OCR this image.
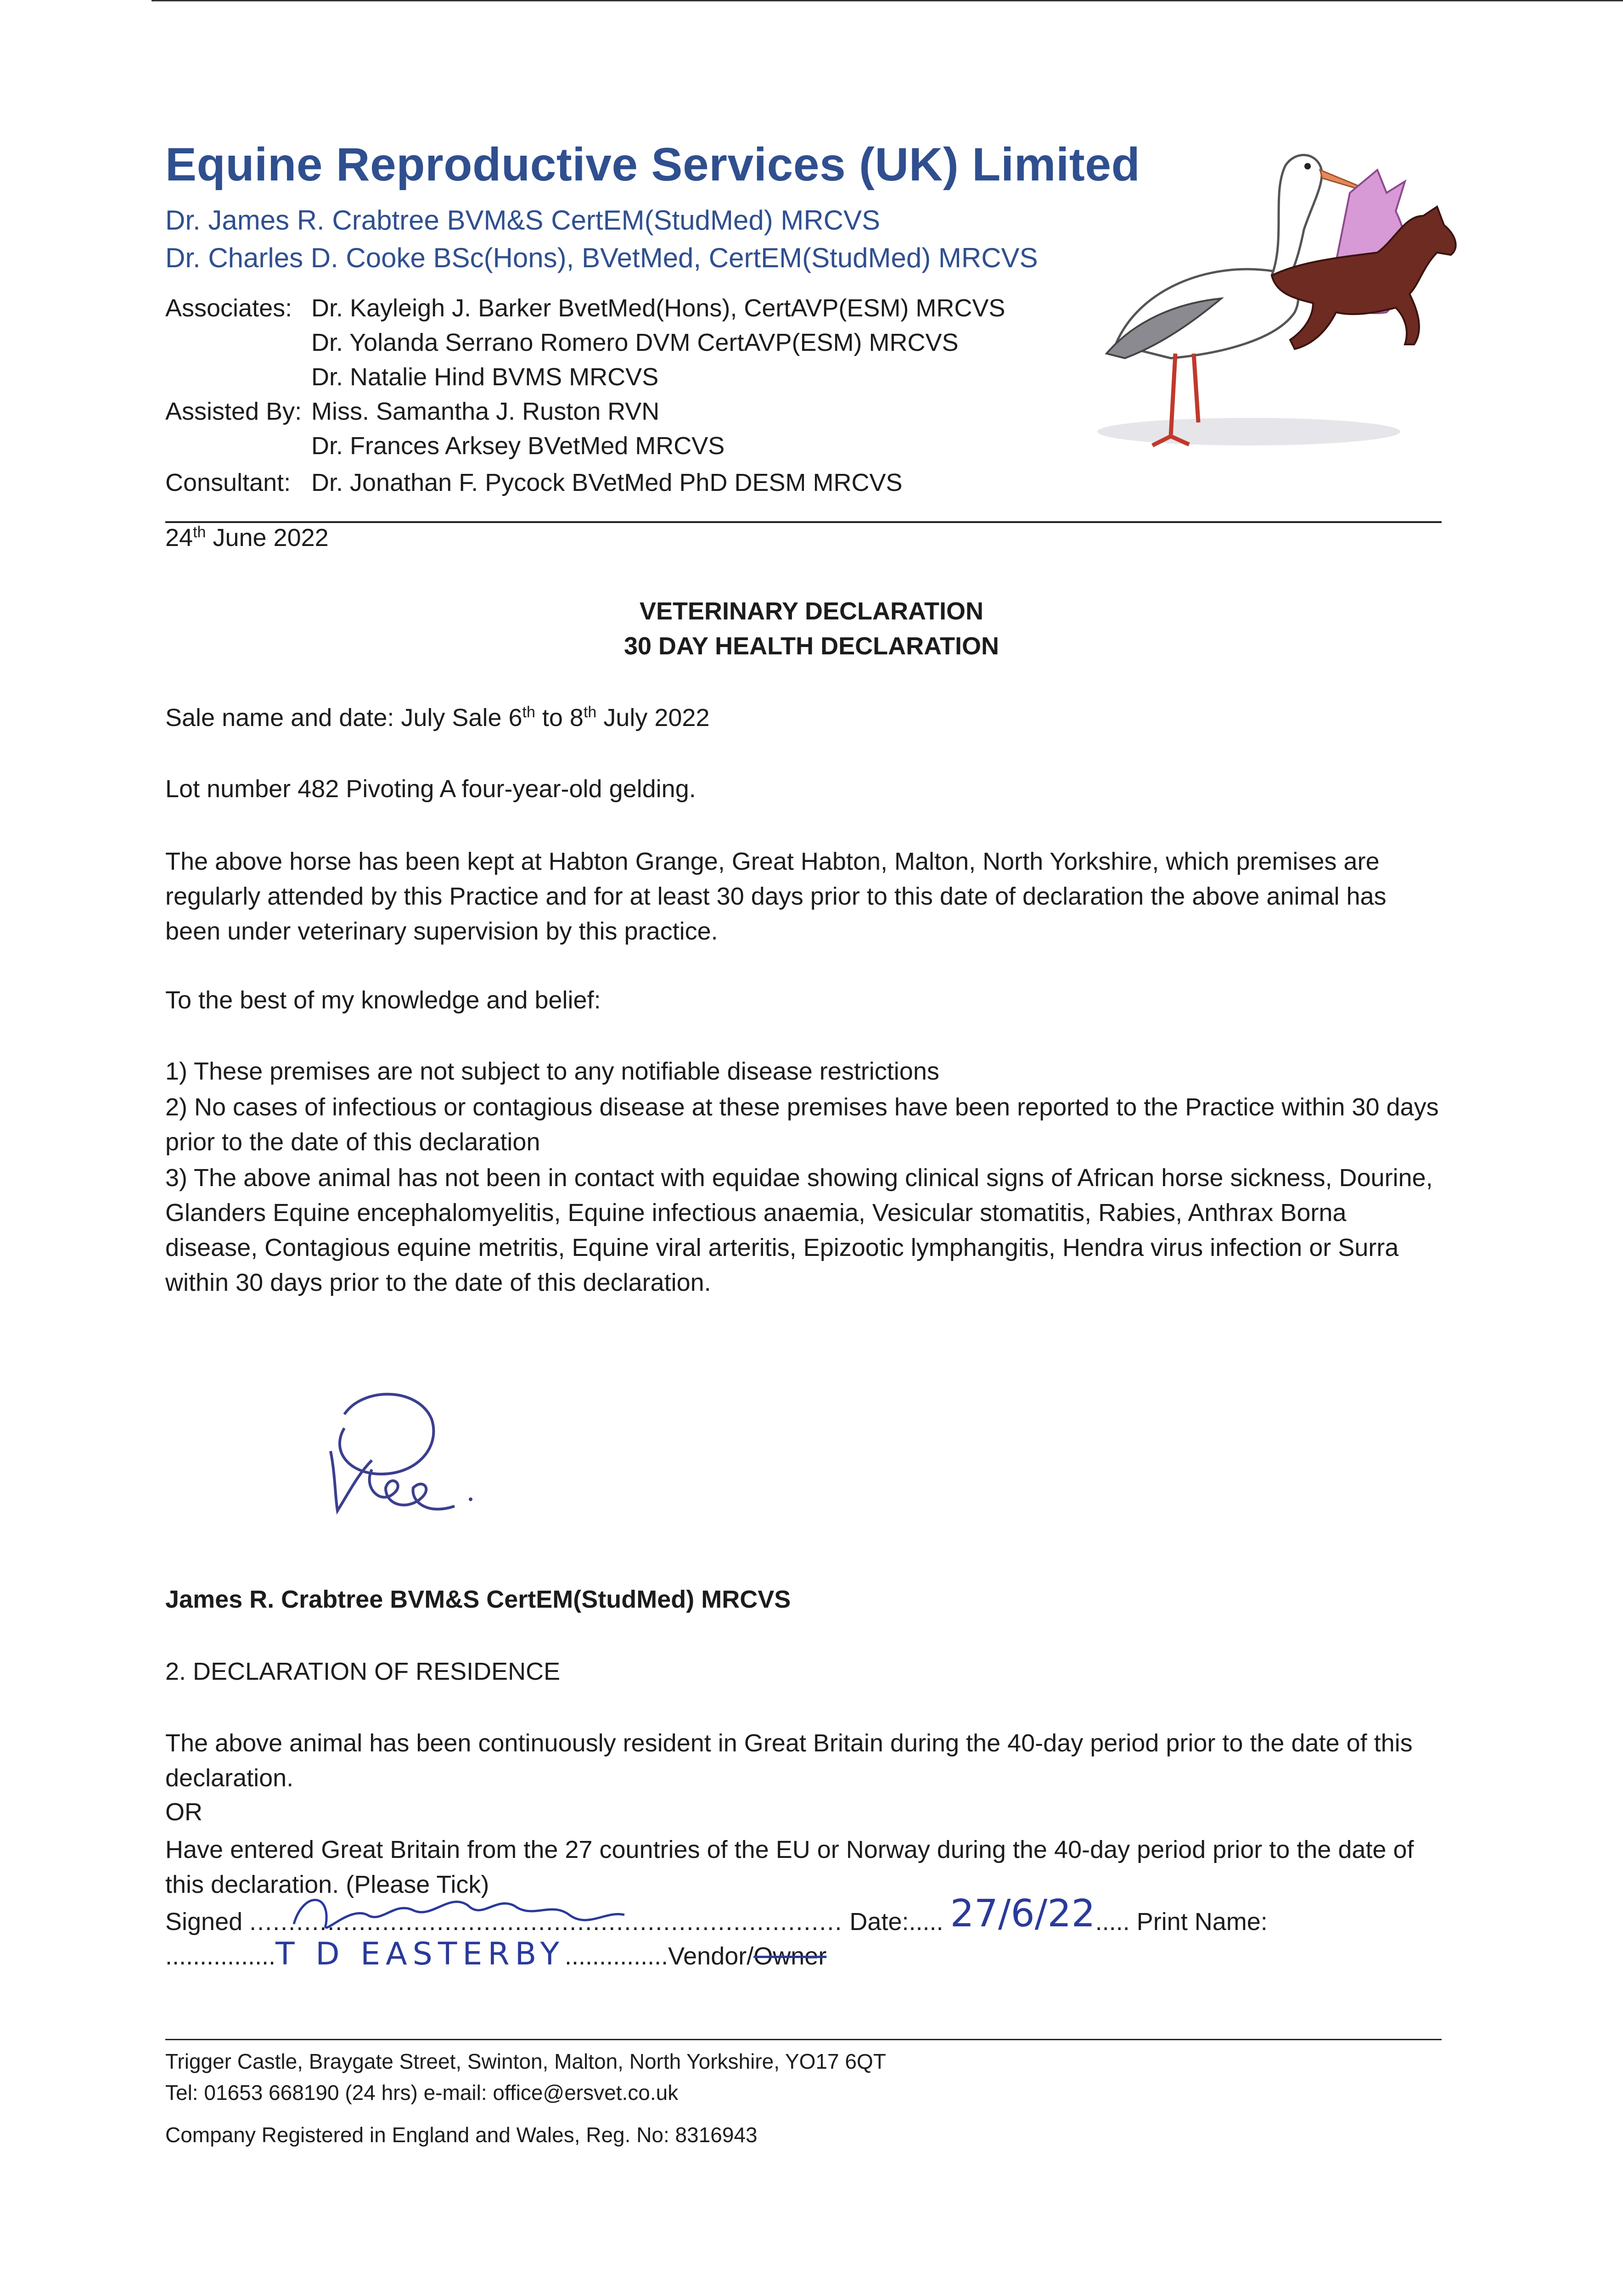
Equine Reproductive Services (UK) Limited
Dr. James R. Crabtree BVM&S CertEM(StudMed) MRCVS
Dr. Charles D. Cooke BSc(Hons), BVetMed, CertEM(StudMed) MRCVS
Associates: Dr. Kayleigh J. Barker BvetMed(Hons), CertAVP(ESM) MRCVS
Dr. Yolanda Serrano Romero DVM CertAVP(ESM) MRCVS
Dr. Natalie Hind BVMS MRCVS
Assisted By: Miss. Samantha J. Ruston RVN
Dr. Frances Arksey BVetMed MRCVS
Consultant: Dr. Jonathan F. Pycock BVetMed PhD DESM MRCVS
24th June 2022
VETERINARY DECLARATION
30 DAY HEALTH DECLARATION
Sale name and date: July Sale 6th to 8th July 2022
Lot number 482 Pivoting A four-year-old gelding.
The above horse has been kept at Habton Grange, Great Habton, Malton, North Yorkshire, which premises are regularly attended by this Practice and for at least 30 days prior to this date of declaration the above animal has been under veterinary supervision by this practice.
To the best of my knowledge and belief:
1) These premises are not subject to any notifiable disease restrictions
2) No cases of infectious or contagious disease at these premises have been reported to the Practice within 30 days prior to the date of this declaration
3) The above animal has not been in contact with equidae showing clinical signs of African horse sickness, Dourine, Glanders Equine encephalomyelitis, Equine infectious anaemia, Vesicular stomatitis, Rabies, Anthrax Borna disease, Contagious equine metritis, Equine viral arteritis, Epizootic lymphangitis, Hendra virus infection or Surra within 30 days prior to the date of this declaration.
James R. Crabtree BVM&S CertEM(StudMed) MRCVS
2. DECLARATION OF RESIDENCE
The above animal has been continuously resident in Great Britain during the 40-day period prior to the date of this declaration.
OR
Have entered Great Britain from the 27 countries of the EU or Norway during the 40-day period prior to the date of this declaration. (Please Tick)
Signed ............................................................................ Date:..... 27/6/22..... Print Name:
................T D EASTERBY...............Vendor/Owner
Trigger Castle, Braygate Street, Swinton, Malton, North Yorkshire, YO17 6QT
Tel: 01653 668190 (24 hrs) e-mail: office@ersvet.co.uk
Company Registered in England and Wales, Reg. No: 8316943
